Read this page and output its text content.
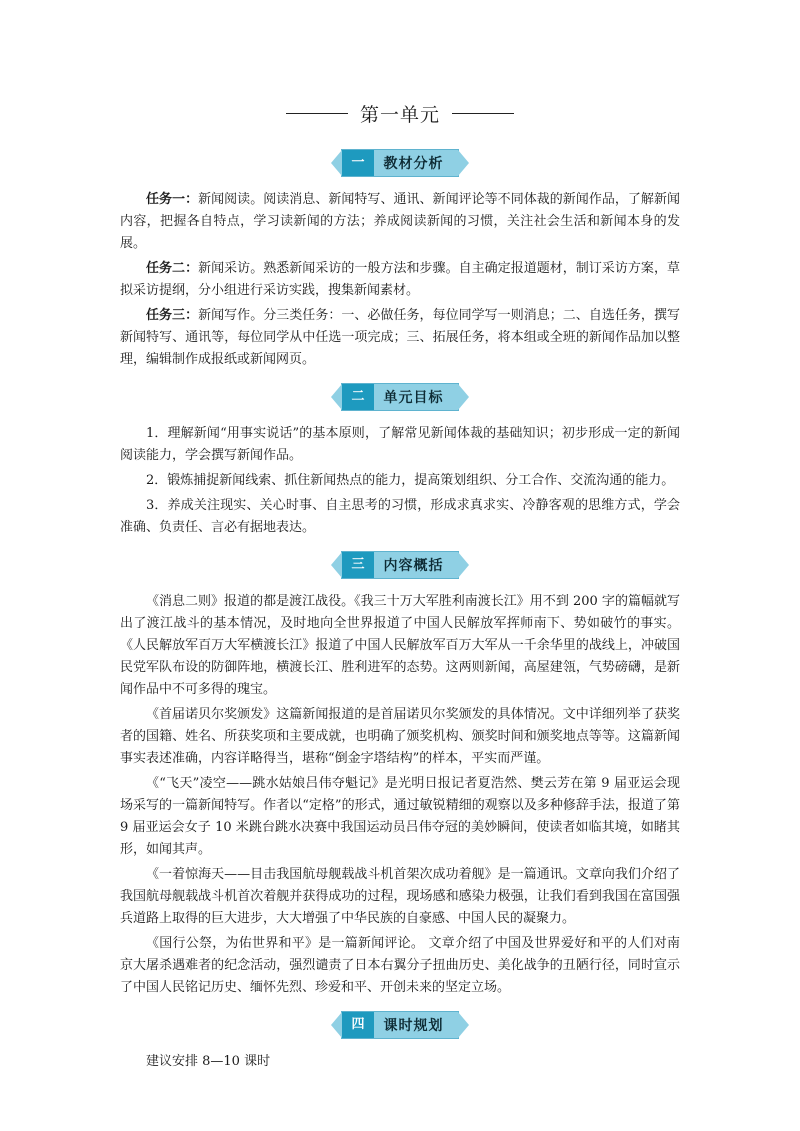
第一单元
一	教材分析

任务一：新闻阅读。阅读消息、新闻特写、通讯、新闻评论等不同体裁的新闻作品，了解新闻内容，把握各自特点，学习读新闻的方法；养成阅读新闻的习惯，关注社会生活和新闻本身的发展。

任务二：新闻采访。熟悉新闻采访的一般方法和步骤。自主确定报道题材，制订采访方案，草拟采访提纲，分小组进行采访实践，搜集新闻素材。

任务三：新闻写作。分三类任务：一、必做任务，每位同学写一则消息；二、自选任务，撰写新闻特写、通讯等，每位同学从中任选一项完成；三、拓展任务，将本组或全班的新闻作品加以整理，编辑制作成报纸或新闻网页。

二	单元目标

1．理解新闻“用事实说话”的基本原则，了解常见新闻体裁的基础知识；初步形成一定的新闻阅读能力，学会撰写新闻作品。

2．锻炼捕捉新闻线索、抓住新闻热点的能力，提高策划组织、分工合作、交流沟通的能力。

3．养成关注现实、关心时事、自主思考的习惯，形成求真求实、冷静客观的思维方式，学会准确、负责任、言必有据地表达。

三	内容概括

《消息二则》报道的都是渡江战役。《我三十万大军胜利南渡长江》用不到 200 字的篇幅就写出了渡江战斗的基本情况，及时地向全世界报道了中国人民解放军挥师南下、势如破竹的事实。《人民解放军百万大军横渡长江》报道了中国人民解放军百万大军从一千余华里的战线上，冲破国民党军队布设的防御阵地，横渡长江、胜利进军的态势。这两则新闻，高屋建瓴，气势磅礴，是新闻作品中不可多得的瑰宝。

《首届诺贝尔奖颁发》这篇新闻报道的是首届诺贝尔奖颁发的具体情况。文中详细列举了获奖者的国籍、姓名、所获奖项和主要成就，也明确了颁奖机构、颁奖时间和颁奖地点等等。这篇新闻事实表述准确，内容详略得当，堪称“倒金字塔结构”的样本，平实而严谨。

《“飞天”凌空——跳水姑娘吕伟夺魁记》是光明日报记者夏浩然、樊云芳在第 9 届亚运会现场采写的一篇新闻特写。作者以“定格”的形式，通过敏锐精细的观察以及多种修辞手法，报道了第 9 届亚运会女子 10 米跳台跳水决赛中我国运动员吕伟夺冠的美妙瞬间，使读者如临其境，如睹其形，如闻其声。

《一着惊海天——目击我国航母舰载战斗机首架次成功着舰》是一篇通讯。文章向我们介绍了我国航母舰载战斗机首次着舰并获得成功的过程，现场感和感染力极强，让我们看到我国在富国强兵道路上取得的巨大进步，大大增强了中华民族的自豪感、中国人民的凝聚力。

《国行公祭，为佑世界和平》是一篇新闻评论。 文章介绍了中国及世界爱好和平的人们对南京大屠杀遇难者的纪念活动，强烈谴责了日本右翼分子扭曲历史、美化战争的丑陋行径，同时宣示了中国人民铭记历史、缅怀先烈、珍爱和平、开创未来的坚定立场。

四	课时规划

建议安排 8—10 课时
